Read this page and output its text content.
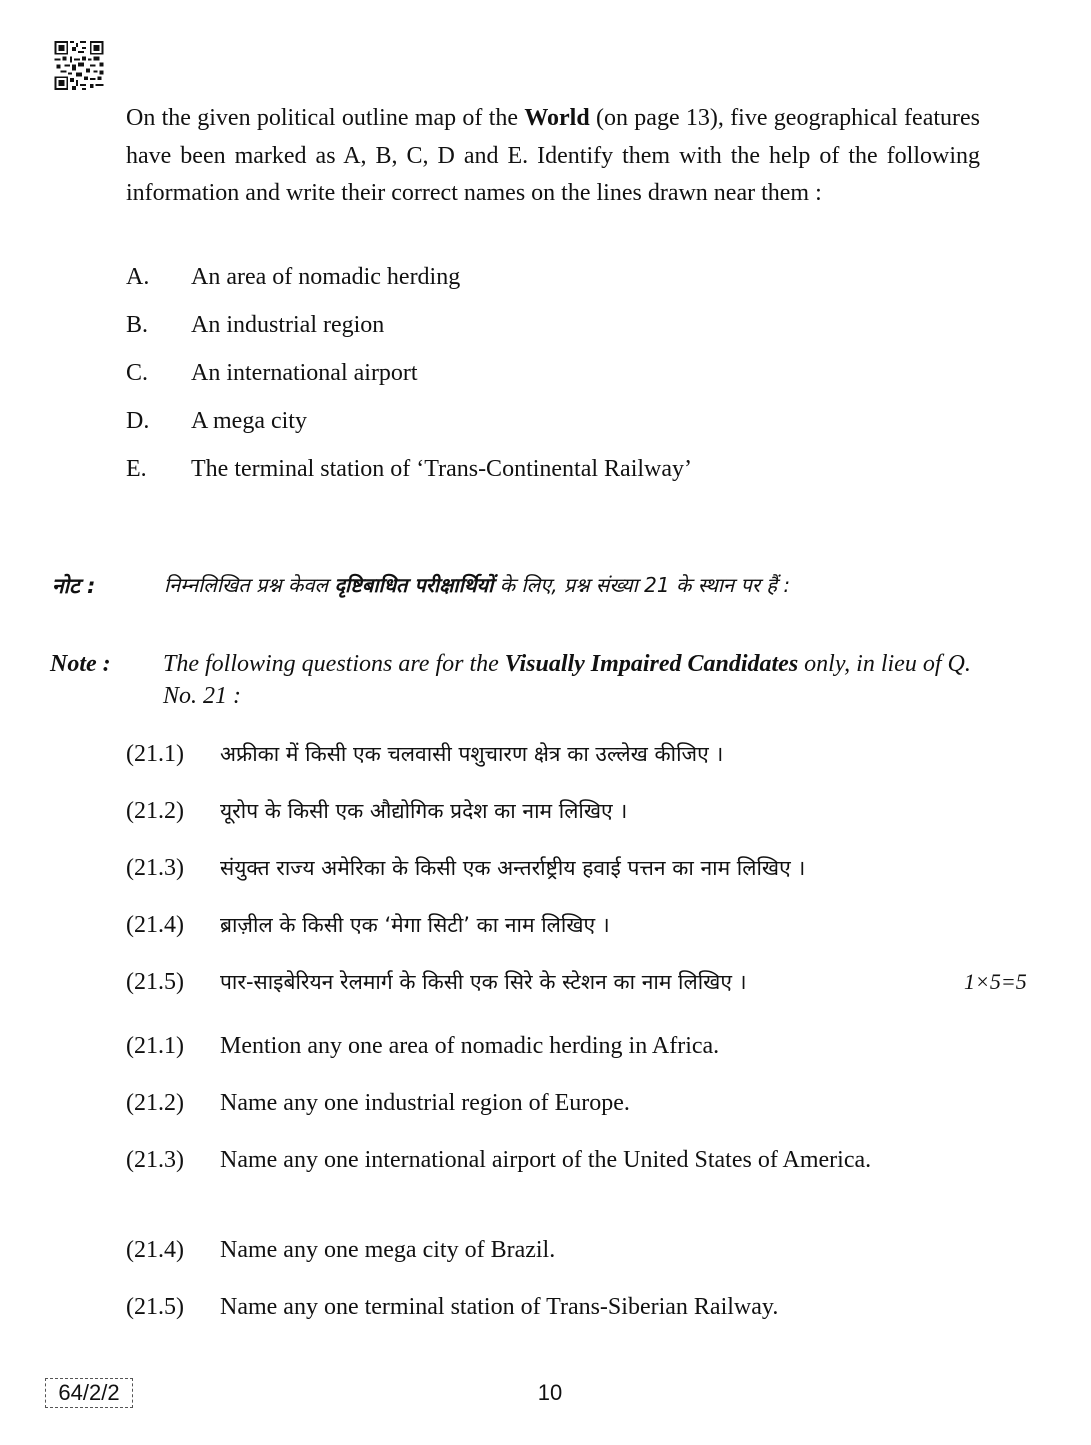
On the given political outline map of the World (on page 13), five geographical features have been marked as A, B, C, D and E. Identify them with the help of the following information and write their correct names on the lines drawn near them :
A. An area of nomadic herding
B. An industrial region
C. An international airport
D. A mega city
E. The terminal station of ‘Trans-Continental Railway’
नोट :	निम्नलिखित प्रश्न केवल दृष्टिबाधित परीक्षार्थियों के लिए, प्रश्न संख्या 21 के स्थान पर हैं :
Note : The following questions are for the Visually Impaired Candidates only, in lieu of Q. No. 21 :
(21.1) अफ्रीका में किसी एक चलवासी पशुचारण क्षेत्र का उल्लेख कीजिए ।
(21.2) यूरोप के किसी एक औद्योगिक प्रदेश का नाम लिखिए ।
(21.3) संयुक्त राज्य अमेरिका के किसी एक अन्तर्राष्ट्रीय हवाई पत्तन का नाम लिखिए ।
(21.4) ब्राज़ील के किसी एक ‘मेगा सिटी’ का नाम लिखिए ।
(21.5) पार-साइबेरियन रेलमार्ग के किसी एक सिरे के स्टेशन का नाम लिखिए ।	1×5=5
(21.1) Mention any one area of nomadic herding in Africa.
(21.2) Name any one industrial region of Europe.
(21.3) Name any one international airport of the United States of America.
(21.4) Name any one mega city of Brazil.
(21.5) Name any one terminal station of Trans-Siberian Railway.
64/2/2	10
